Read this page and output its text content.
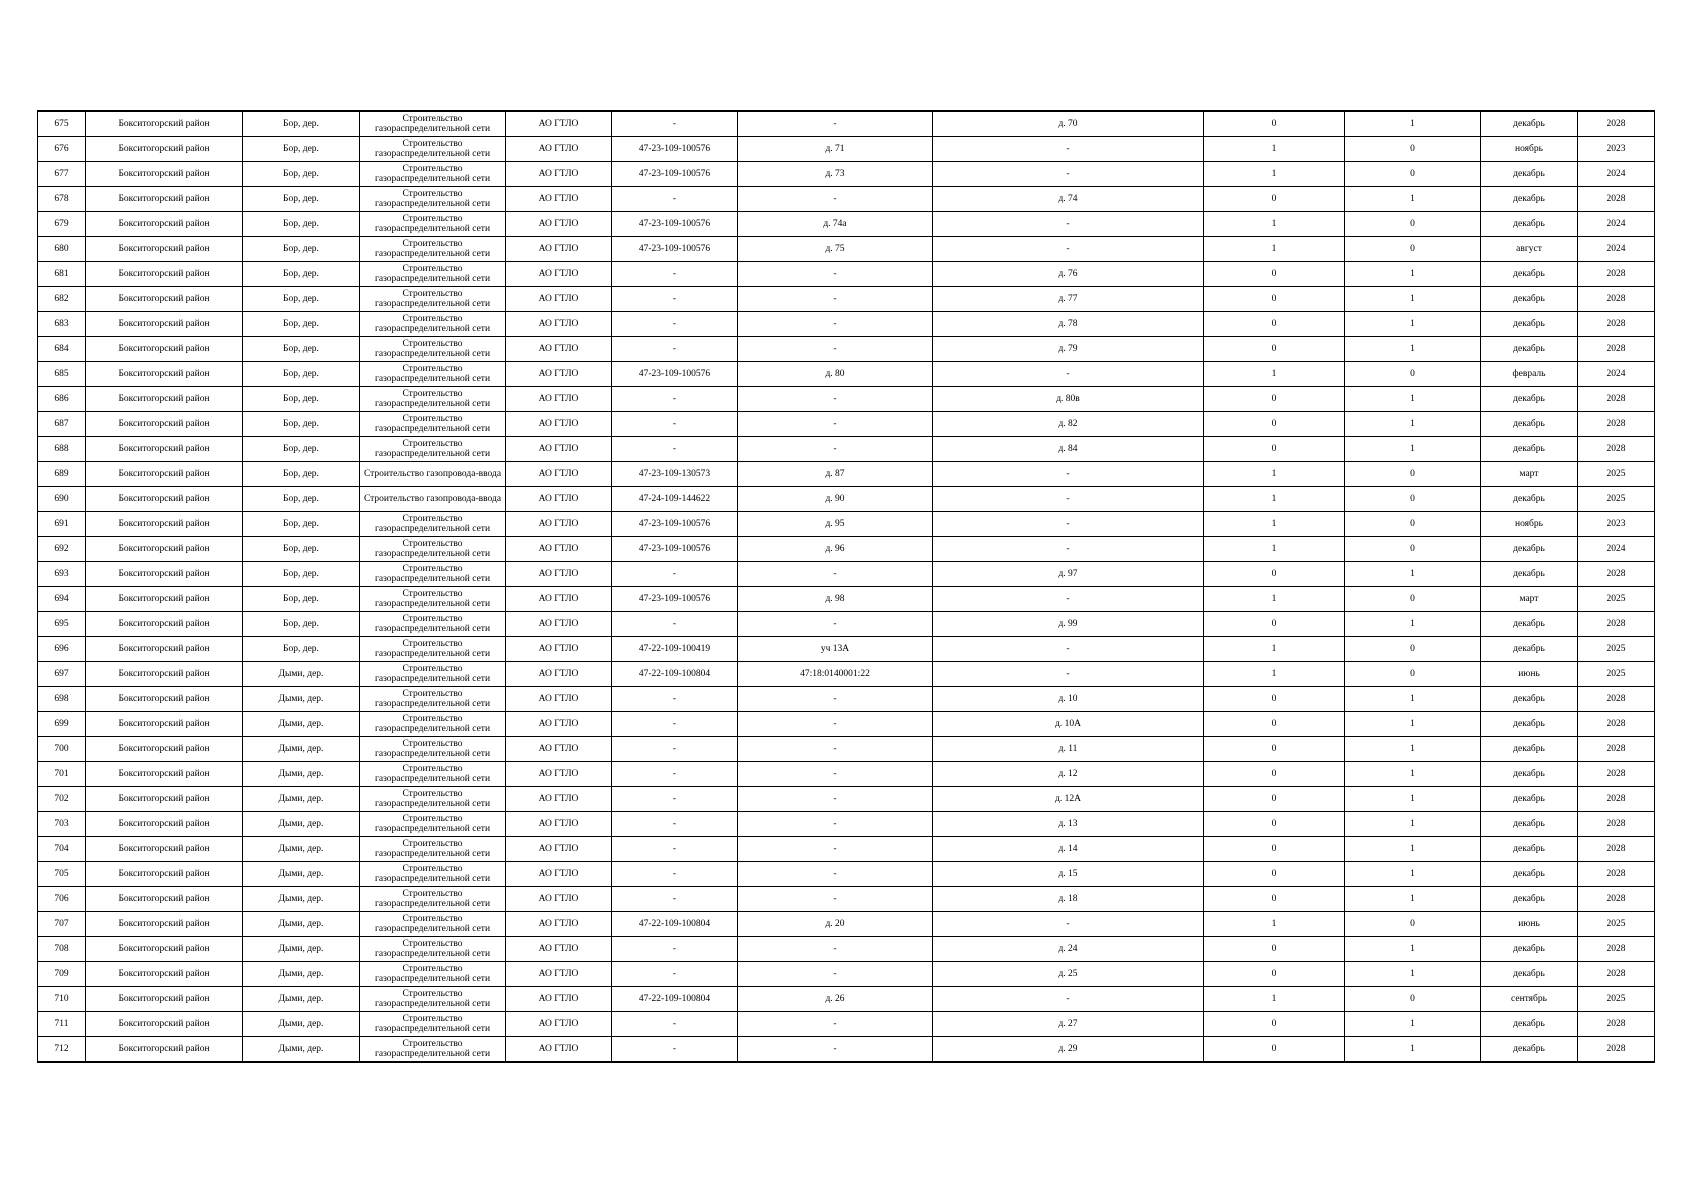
675	Бокситогорский район	Бор, дер.	Строительство
газораспределительной сети	АО ГТЛО	-	-	д. 70	0	1	декабрь	2028
676	Бокситогорский район	Бор, дер.	Строительство
газораспределительной сети	АО ГТЛО	47-23-109-100576	д. 71	-	1	0	ноябрь	2023
677	Бокситогорский район	Бор, дер.	Строительство
газораспределительной сети	АО ГТЛО	47-23-109-100576	д. 73	-	1	0	декабрь	2024
678	Бокситогорский район	Бор, дер.	Строительство
газораспределительной сети	АО ГТЛО	-	-	д. 74	0	1	декабрь	2028
679	Бокситогорский район	Бор, дер.	Строительство
газораспределительной сети	АО ГТЛО	47-23-109-100576	д. 74а	-	1	0	декабрь	2024
680	Бокситогорский район	Бор, дер.	Строительство
газораспределительной сети	АО ГТЛО	47-23-109-100576	д. 75	-	1	0	август	2024
681	Бокситогорский район	Бор, дер.	Строительство
газораспределительной сети	АО ГТЛО	-	-	д. 76	0	1	декабрь	2028
682	Бокситогорский район	Бор, дер.	Строительство
газораспределительной сети	АО ГТЛО	-	-	д. 77	0	1	декабрь	2028
683	Бокситогорский район	Бор, дер.	Строительство
газораспределительной сети	АО ГТЛО	-	-	д. 78	0	1	декабрь	2028
684	Бокситогорский район	Бор, дер.	Строительство
газораспределительной сети	АО ГТЛО	-	-	д. 79	0	1	декабрь	2028
685	Бокситогорский район	Бор, дер.	Строительство
газораспределительной сети	АО ГТЛО	47-23-109-100576	д. 80	-	1	0	февраль	2024
686	Бокситогорский район	Бор, дер.	Строительство
газораспределительной сети	АО ГТЛО	-	-	д. 80в	0	1	декабрь	2028
687	Бокситогорский район	Бор, дер.	Строительство
газораспределительной сети	АО ГТЛО	-	-	д. 82	0	1	декабрь	2028
688	Бокситогорский район	Бор, дер.	Строительство
газораспределительной сети	АО ГТЛО	-	-	д. 84	0	1	декабрь	2028
689	Бокситогорский район	Бор, дер.	Строительство газопровода-ввода	АО ГТЛО	47-23-109-130573	д. 87	-	1	0	март	2025
690	Бокситогорский район	Бор, дер.	Строительство газопровода-ввода	АО ГТЛО	47-24-109-144622	д. 90	-	1	0	декабрь	2025
691	Бокситогорский район	Бор, дер.	Строительство
газораспределительной сети	АО ГТЛО	47-23-109-100576	д. 95	-	1	0	ноябрь	2023
692	Бокситогорский район	Бор, дер.	Строительство
газораспределительной сети	АО ГТЛО	47-23-109-100576	д. 96	-	1	0	декабрь	2024
693	Бокситогорский район	Бор, дер.	Строительство
газораспределительной сети	АО ГТЛО	-	-	д. 97	0	1	декабрь	2028
694	Бокситогорский район	Бор, дер.	Строительство
газораспределительной сети	АО ГТЛО	47-23-109-100576	д. 98	-	1	0	март	2025
695	Бокситогорский район	Бор, дер.	Строительство
газораспределительной сети	АО ГТЛО	-	-	д. 99	0	1	декабрь	2028
696	Бокситогорский район	Бор, дер.	Строительство
газораспределительной сети	АО ГТЛО	47-22-109-100419	уч 13А	-	1	0	декабрь	2025
697	Бокситогорский район	Дыми, дер.	Строительство
газораспределительной сети	АО ГТЛО	47-22-109-100804	47:18:0140001:22	-	1	0	июнь	2025
698	Бокситогорский район	Дыми, дер.	Строительство
газораспределительной сети	АО ГТЛО	-	-	д. 10	0	1	декабрь	2028
699	Бокситогорский район	Дыми, дер.	Строительство
газораспределительной сети	АО ГТЛО	-	-	д. 10А	0	1	декабрь	2028
700	Бокситогорский район	Дыми, дер.	Строительство
газораспределительной сети	АО ГТЛО	-	-	д. 11	0	1	декабрь	2028
701	Бокситогорский район	Дыми, дер.	Строительство
газораспределительной сети	АО ГТЛО	-	-	д. 12	0	1	декабрь	2028
702	Бокситогорский район	Дыми, дер.	Строительство
газораспределительной сети	АО ГТЛО	-	-	д. 12А	0	1	декабрь	2028
703	Бокситогорский район	Дыми, дер.	Строительство
газораспределительной сети	АО ГТЛО	-	-	д. 13	0	1	декабрь	2028
704	Бокситогорский район	Дыми, дер.	Строительство
газораспределительной сети	АО ГТЛО	-	-	д. 14	0	1	декабрь	2028
705	Бокситогорский район	Дыми, дер.	Строительство
газораспределительной сети	АО ГТЛО	-	-	д. 15	0	1	декабрь	2028
706	Бокситогорский район	Дыми, дер.	Строительство
газораспределительной сети	АО ГТЛО	-	-	д. 18	0	1	декабрь	2028
707	Бокситогорский район	Дыми, дер.	Строительство
газораспределительной сети	АО ГТЛО	47-22-109-100804	д. 20	-	1	0	июнь	2025
708	Бокситогорский район	Дыми, дер.	Строительство
газораспределительной сети	АО ГТЛО	-	-	д. 24	0	1	декабрь	2028
709	Бокситогорский район	Дыми, дер.	Строительство
газораспределительной сети	АО ГТЛО	-	-	д. 25	0	1	декабрь	2028
710	Бокситогорский район	Дыми, дер.	Строительство
газораспределительной сети	АО ГТЛО	47-22-109-100804	д. 26	-	1	0	сентябрь	2025
711	Бокситогорский район	Дыми, дер.	Строительство
газораспределительной сети	АО ГТЛО	-	-	д. 27	0	1	декабрь	2028
712	Бокситогорский район	Дыми, дер.	Строительство
газораспределительной сети	АО ГТЛО	-	-	д. 29	0	1	декабрь	2028
